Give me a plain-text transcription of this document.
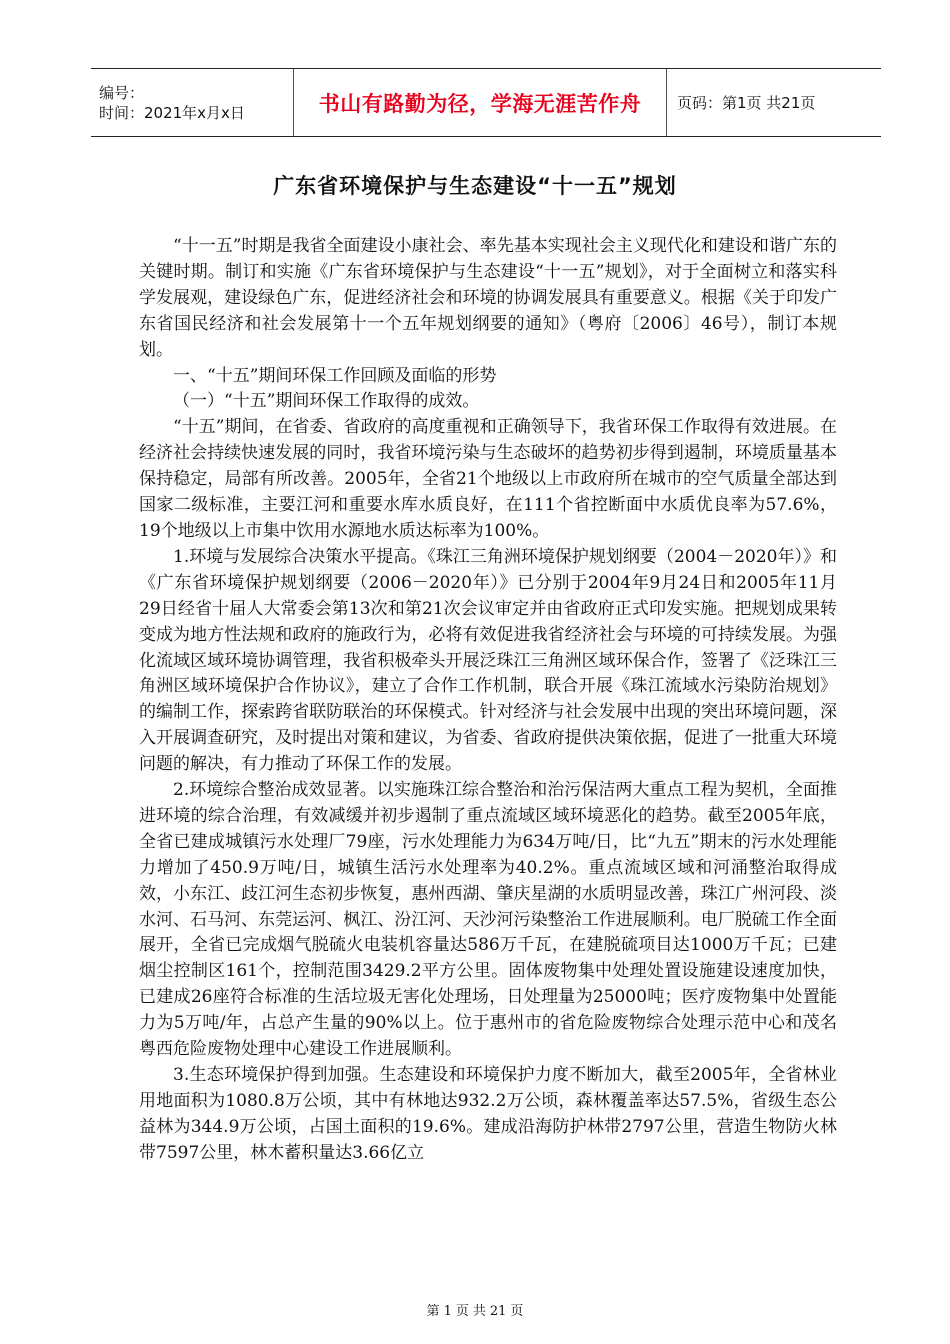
编号：
时间：2021年x月x日	书山有路勤为径，学海无涯苦作舟	页码：第1页 共21页
广东省环境保护与生态建设“十一五”规划

“十一五”时期是我省全面建设小康社会、率先基本实现社会主义现代化和建设和谐广东的关键时期。制订和实施《广东省环境保护与生态建设“十一五”规划》，对于全面树立和落实科学发展观，建设绿色广东，促进经济社会和环境的协调发展具有重要意义。根据《关于印发广东省国民经济和社会发展第十一个五年规划纲要的通知》（粤府〔2006〕46号），制订本规划。

一、“十五”期间环保工作回顾及面临的形势

（一）“十五”期间环保工作取得的成效。

“十五”期间，在省委、省政府的高度重视和正确领导下，我省环保工作取得有效进展。在经济社会持续快速发展的同时，我省环境污染与生态破坏的趋势初步得到遏制，环境质量基本保持稳定，局部有所改善。2005年，全省21个地级以上市政府所在城市的空气质量全部达到国家二级标准，主要江河和重要水库水质良好，在111个省控断面中水质优良率为57.6%，19个地级以上市集中饮用水源地水质达标率为100%。

1.环境与发展综合决策水平提高。《珠江三角洲环境保护规划纲要（2004－2020年）》和《广东省环境保护规划纲要（2006－2020年）》已分别于2004年9月24日和2005年11月29日经省十届人大常委会第13次和第21次会议审定并由省政府正式印发实施。把规划成果转变成为地方性法规和政府的施政行为，必将有效促进我省经济社会与环境的可持续发展。为强化流域区域环境协调管理，我省积极牵头开展泛珠江三角洲区域环保合作，签署了《泛珠江三角洲区域环境保护合作协议》，建立了合作工作机制，联合开展《珠江流域水污染防治规划》的编制工作，探索跨省联防联治的环保模式。针对经济与社会发展中出现的突出环境问题，深入开展调查研究，及时提出对策和建议，为省委、省政府提供决策依据，促进了一批重大环境问题的解决，有力推动了环保工作的发展。

2.环境综合整治成效显著。以实施珠江综合整治和治污保洁两大重点工程为契机，全面推进环境的综合治理，有效减缓并初步遏制了重点流域区域环境恶化的趋势。截至2005年底，全省已建成城镇污水处理厂79座，污水处理能力为634万吨/日，比“九五”期末的污水处理能力增加了450.9万吨/日，城镇生活污水处理率为40.2%。重点流域区域和河涌整治取得成效，小东江、歧江河生态初步恢复，惠州西湖、肇庆星湖的水质明显改善，珠江广州河段、淡水河、石马河、东莞运河、枫江、汾江河、天沙河污染整治工作进展顺利。电厂脱硫工作全面展开，全省已完成烟气脱硫火电装机容量达586万千瓦，在建脱硫项目达1000万千瓦；已建烟尘控制区161个，控制范围3429.2平方公里。固体废物集中处理处置设施建设速度加快，已建成26座符合标准的生活垃圾无害化处理场，日处理量为25000吨；医疗废物集中处置能力为5万吨/年，占总产生量的90%以上。位于惠州市的省危险废物综合处理示范中心和茂名粤西危险废物处理中心建设工作进展顺利。

3.生态环境保护得到加强。生态建设和环境保护力度不断加大，截至2005年，全省林业用地面积为1080.8万公顷，其中有林地达932.2万公顷，森林覆盖率达57.5%，省级生态公益林为344.9万公顷，占国土面积的19.6%。建成沿海防护林带2797公里，营造生物防火林带7597公里，林木蓄积量达3.66亿立

第 1 页 共 21 页
